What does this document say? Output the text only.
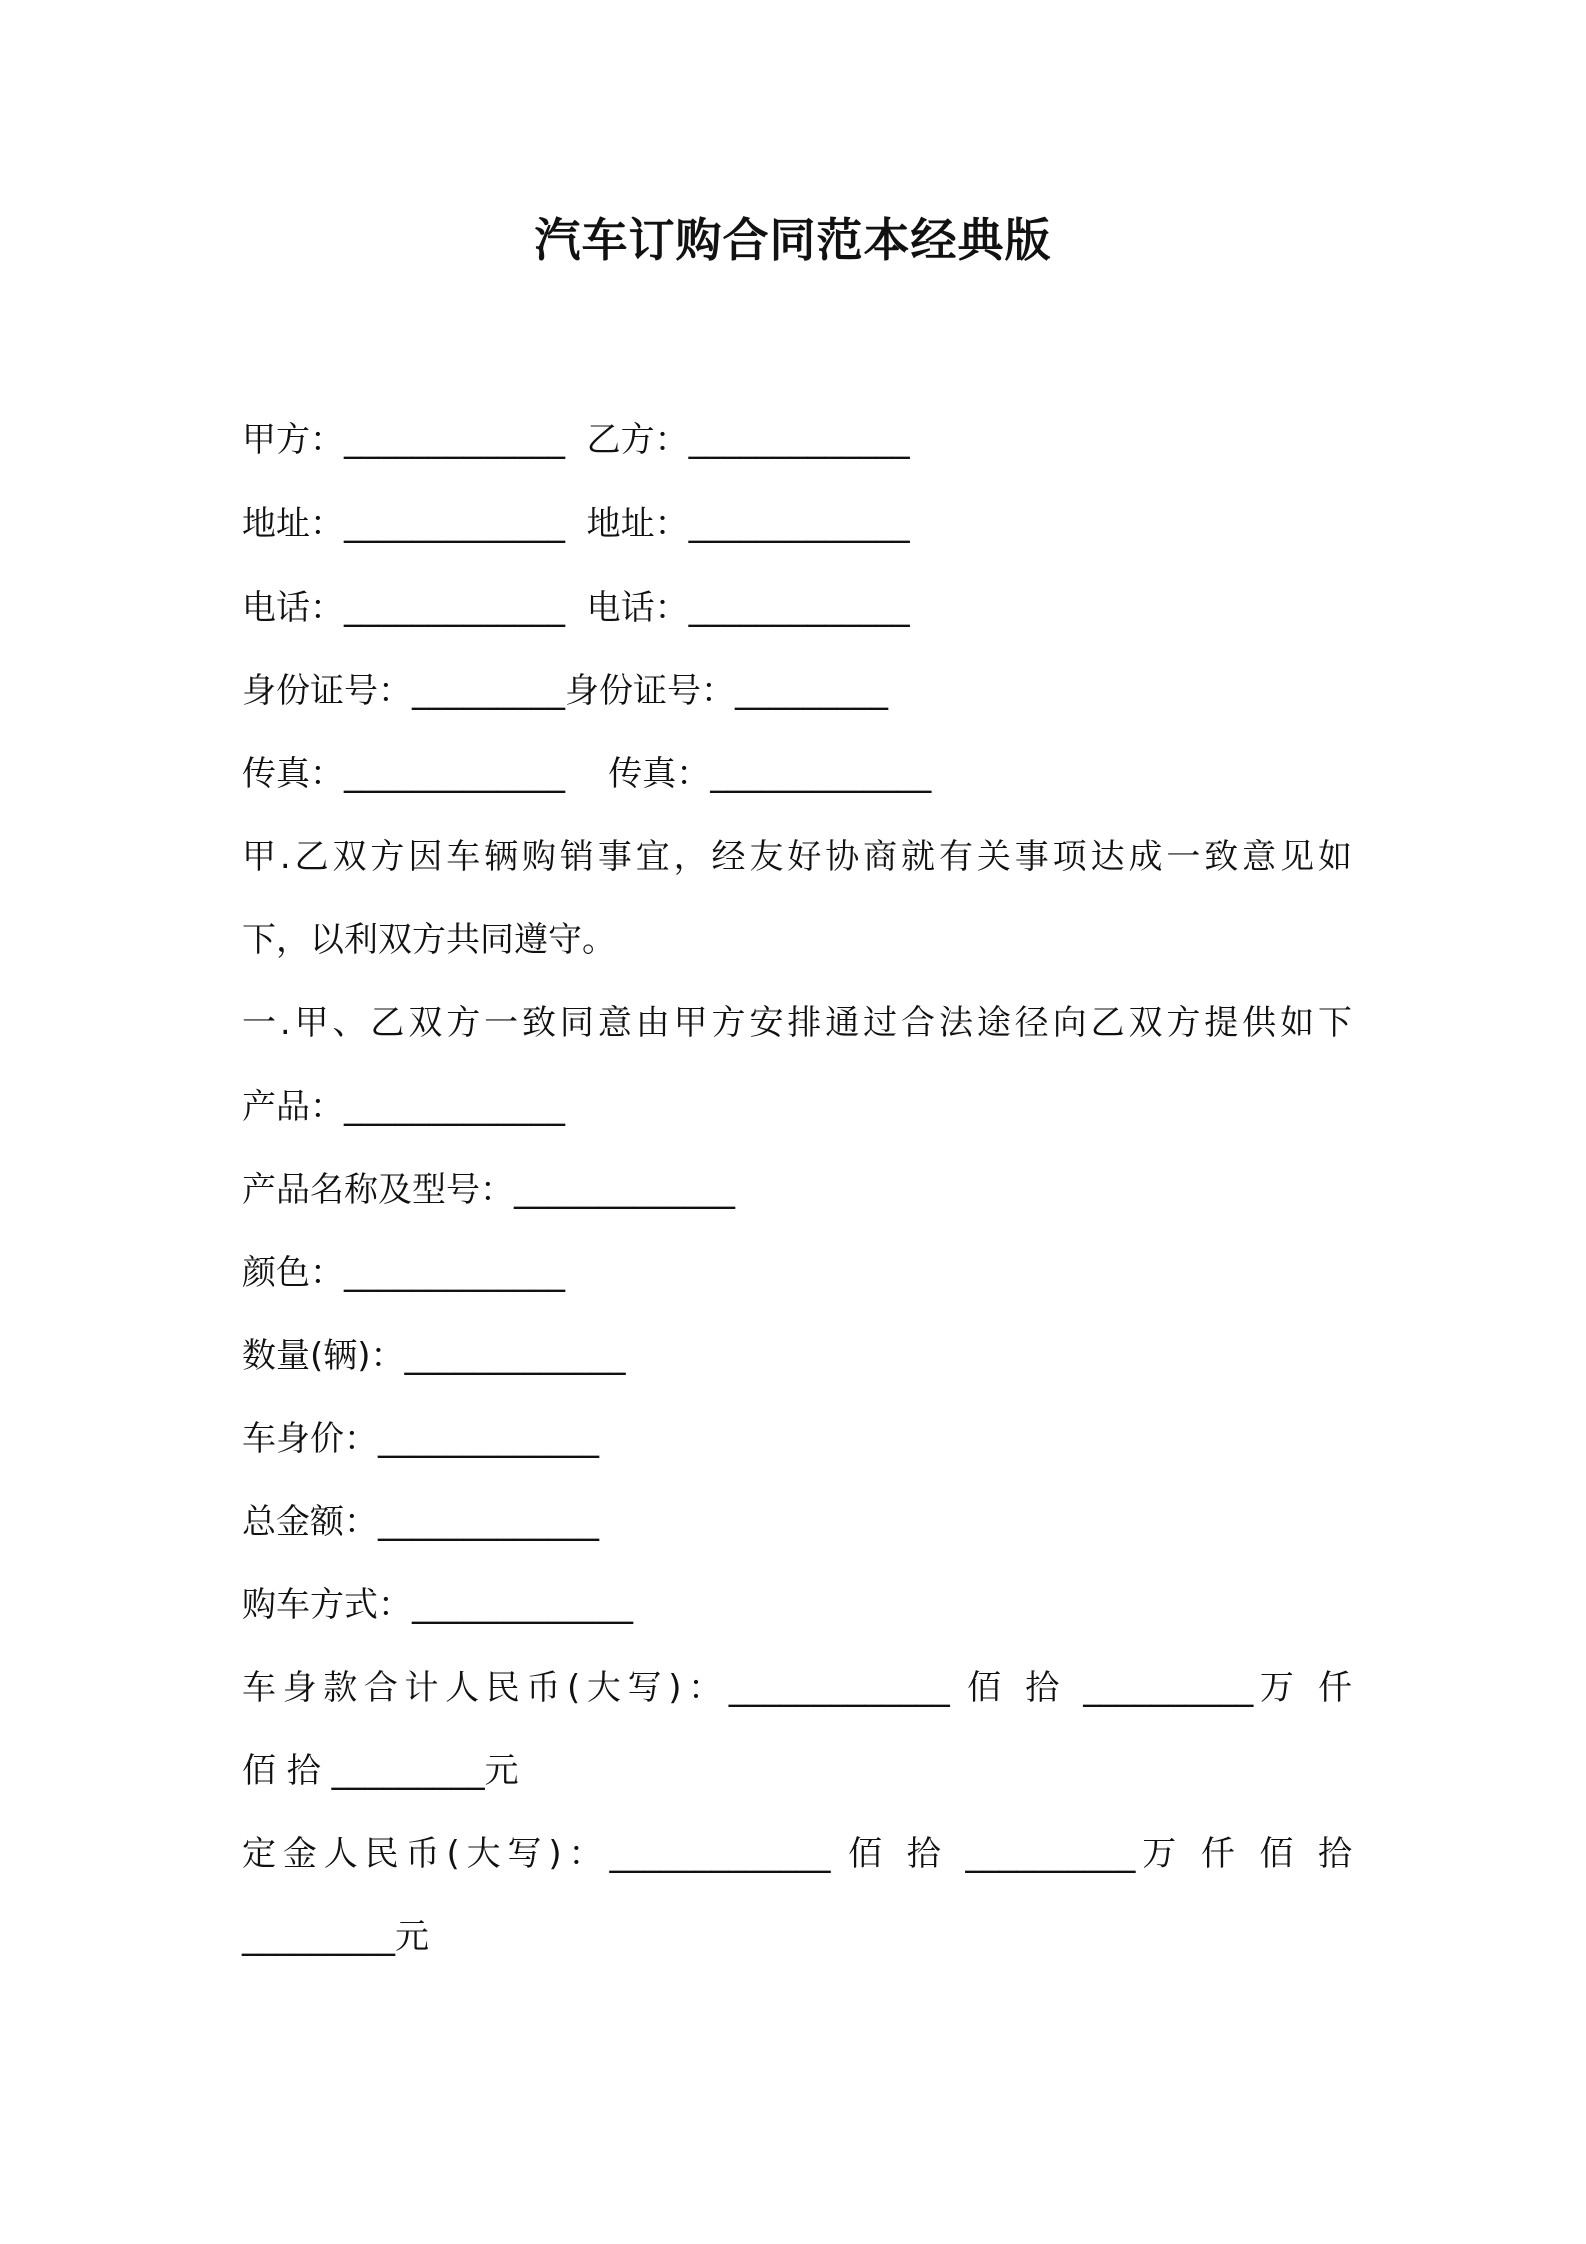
汽车订购合同范本经典版
甲方：_____________  乙方：_____________
地址：_____________  地址：_____________
电话：_____________  电话：_____________
身份证号：_________身份证号：_________
传真：_____________    传真：_____________
甲.乙双方因车辆购销事宜，经友好协商就有关事项达成一致意见如
下，以利双方共同遵守。
一.甲、乙双方一致同意由甲方安排通过合法途径向乙双方提供如下
产品：_____________
产品名称及型号：_____________
颜色：_____________
数量(辆)：_____________
车身价：_____________
总金额：_____________
购车方式：_____________
车身款合计人民币(大写)：_____________ 佰 拾 __________万 仟
佰 拾 _________元
定金人民币(大写)：_____________ 佰 拾 __________万 仟 佰 拾
_________元
